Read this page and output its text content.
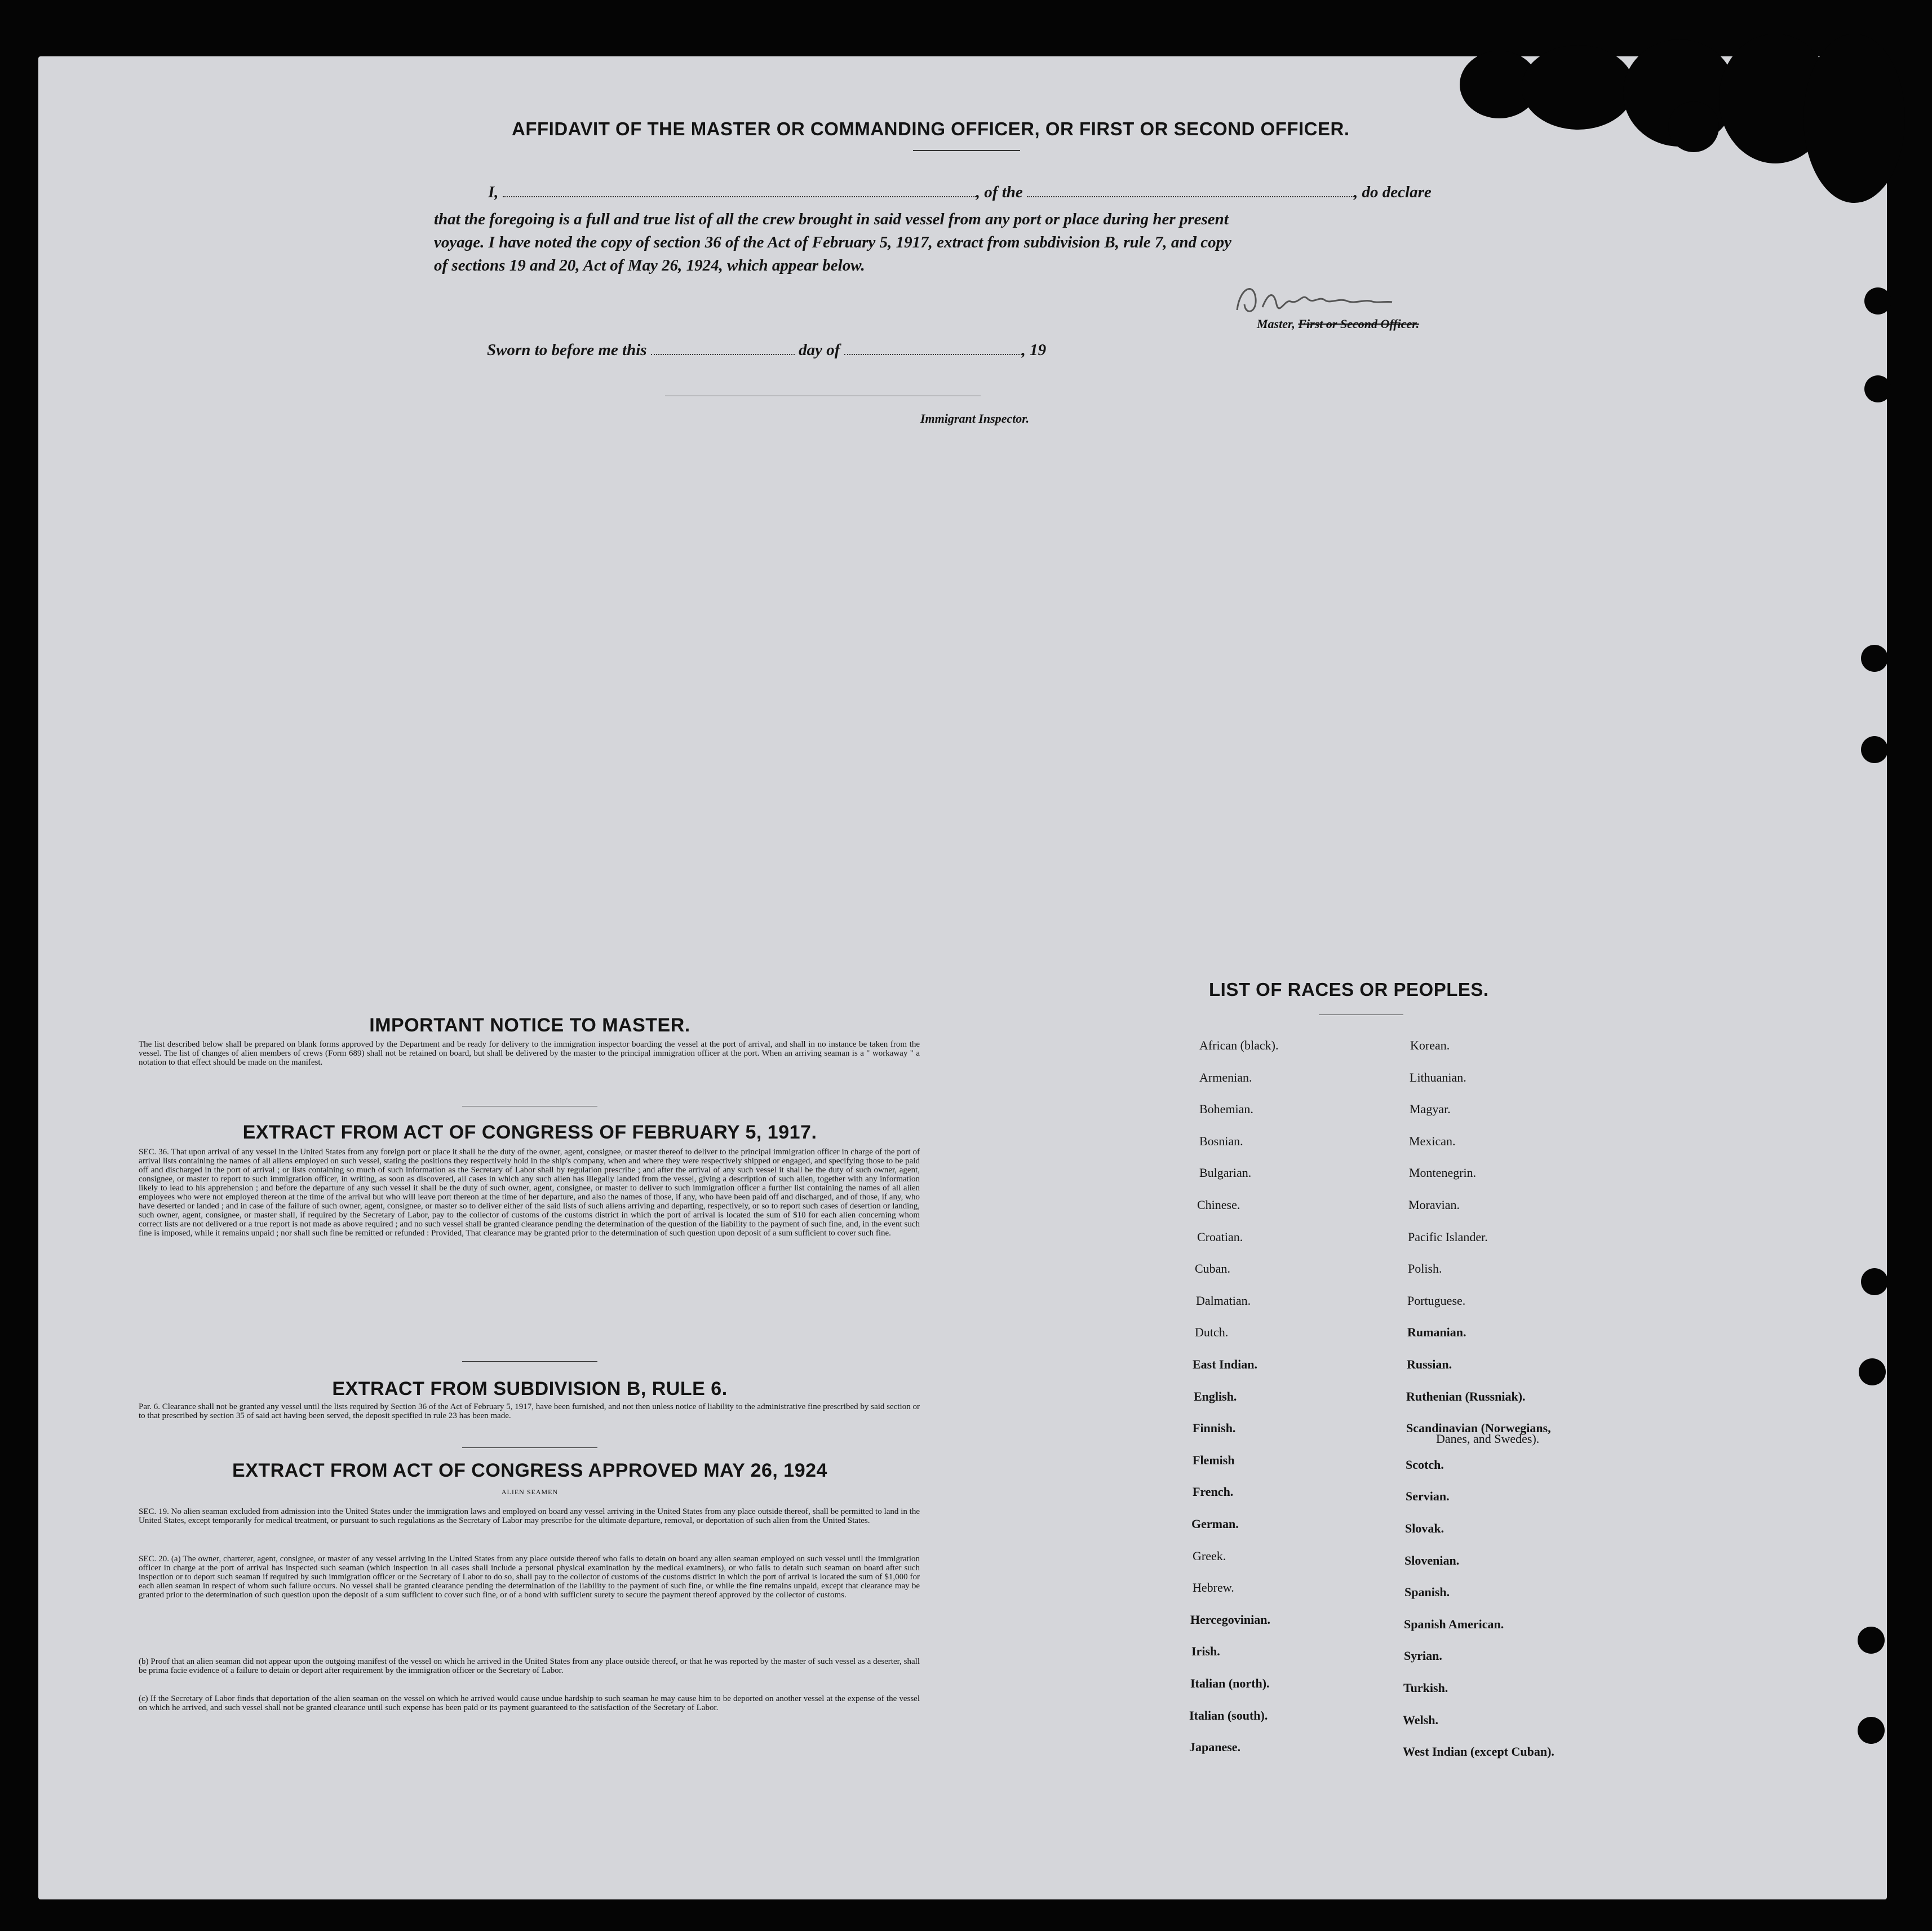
AFFIDAVIT OF THE MASTER OR COMMANDING OFFICER, OR FIRST OR SECOND OFFICER.
I,	, of the	, do declare
that the foregoing is a full and true list of all the crew brought in said vessel from any port or place during her present
voyage. I have noted the copy of section 36 of the Act of February 5, 1917, extract from subdivision B, rule 7, and copy
of sections 19 and 20, Act of May 26, 1924, which appear below.
Master, First or Second Officer.
Sworn to before me this	day of	, 19
Immigrant Inspector.
IMPORTANT NOTICE TO MASTER.
The list described below shall be prepared on blank forms approved by the Department and be ready for delivery to the immigration inspector boarding the vessel at the port of arrival, and shall in no instance be taken from the vessel. The list of changes of alien members of crews (Form 689) shall not be retained on board, but shall be delivered by the master to the principal immigration officer at the port. When an arriving seaman is a " workaway " a notation to that effect should be made on the manifest.
EXTRACT FROM ACT OF CONGRESS OF FEBRUARY 5, 1917.
SEC. 36. That upon arrival of any vessel in the United States from any foreign port or place it shall be the duty of the owner, agent, consignee, or master thereof to deliver to the principal immigration officer in charge of the port of arrival lists containing the names of all aliens employed on such vessel, stating the positions they respectively hold in the ship's company, when and where they were respectively shipped or engaged, and specifying those to be paid off and discharged in the port of arrival ; or lists containing so much of such information as the Secretary of Labor shall by regulation prescribe ; and after the arrival of any such vessel it shall be the duty of such owner, agent, consignee, or master to report to such immigration officer, in writing, as soon as discovered, all cases in which any such alien has illegally landed from the vessel, giving a description of such alien, together with any information likely to lead to his apprehension ; and before the departure of any such vessel it shall be the duty of such owner, agent, consignee, or master to deliver to such immigration officer a further list containing the names of all alien employees who were not employed thereon at the time of the arrival but who will leave port thereon at the time of her departure, and also the names of those, if any, who have been paid off and discharged, and of those, if any, who have deserted or landed ; and in case of the failure of such owner, agent, consignee, or master so to deliver either of the said lists of such aliens arriving and departing, respectively, or so to report such cases of desertion or landing, such owner, agent, consignee, or master shall, if required by the Secretary of Labor, pay to the collector of customs of the customs district in which the port of arrival is located the sum of $10 for each alien concerning whom correct lists are not delivered or a true report is not made as above required ; and no such vessel shall be granted clearance pending the determination of the question of the liability to the payment of such fine, and, in the event such fine is imposed, while it remains unpaid ; nor shall such fine be remitted or refunded : Provided, That clearance may be granted prior to the determination of such question upon deposit of a sum sufficient to cover such fine.
EXTRACT FROM SUBDIVISION B, RULE 6.
Par. 6. Clearance shall not be granted any vessel until the lists required by Section 36 of the Act of February 5, 1917, have been furnished, and not then unless notice of liability to the administrative fine prescribed by said section or to that prescribed by section 35 of said act having been served, the deposit specified in rule 23 has been made.
EXTRACT FROM ACT OF CONGRESS APPROVED MAY 26, 1924
ALIEN SEAMEN
SEC. 19. No alien seaman excluded from admission into the United States under the immigration laws and employed on board any vessel arriving in the United States from any place outside thereof, shall be permitted to land in the United States, except temporarily for medical treatment, or pursuant to such regulations as the Secretary of Labor may prescribe for the ultimate departure, removal, or deportation of such alien from the United States.
SEC. 20. (a) The owner, charterer, agent, consignee, or master of any vessel arriving in the United States from any place outside thereof who fails to detain on board any alien seaman employed on such vessel until the immigration officer in charge at the port of arrival has inspected such seaman (which inspection in all cases shall include a personal physical examination by the medical examiners), or who fails to detain such seaman on board after such inspection or to deport such seaman if required by such immigration officer or the Secretary of Labor to do so, shall pay to the collector of customs of the customs district in which the port of arrival is located the sum of $1,000 for each alien seaman in respect of whom such failure occurs. No vessel shall be granted clearance pending the determination of the liability to the payment of such fine, or while the fine remains unpaid, except that clearance may be granted prior to the determination of such question upon the deposit of a sum sufficient to cover such fine, or of a bond with sufficient surety to secure the payment thereof approved by the collector of customs.
(b) Proof that an alien seaman did not appear upon the outgoing manifest of the vessel on which he arrived in the United States from any place outside thereof, or that he was reported by the master of such vessel as a deserter, shall be prima facie evidence of a failure to detain or deport after requirement by the immigration officer or the Secretary of Labor.
(c) If the Secretary of Labor finds that deportation of the alien seaman on the vessel on which he arrived would cause undue hardship to such seaman he may cause him to be deported on another vessel at the expense of the vessel on which he arrived, and such vessel shall not be granted clearance until such expense has been paid or its payment guaranteed to the satisfaction of the Secretary of Labor.
LIST OF RACES OR PEOPLES.
African (black).
Armenian.
Bohemian.
Bosnian.
Bulgarian.
Chinese.
Croatian.
Cuban.
Dalmatian.
Dutch.
East Indian.
English.
Finnish.
Flemish
French.
German.
Greek.
Hebrew.
Hercegovinian.
Irish.
Italian (north).
Italian (south).
Japanese.
Korean.
Lithuanian.
Magyar.
Mexican.
Montenegrin.
Moravian.
Pacific Islander.
Polish.
Portuguese.
Rumanian.
Russian.
Ruthenian (Russniak).
Scandinavian (Norwegians,
Scotch.
Servian.
Slovak.
Slovenian.
Spanish.
Spanish American.
Syrian.
Turkish.
Welsh.
West Indian (except Cuban).
Danes, and Swedes).
